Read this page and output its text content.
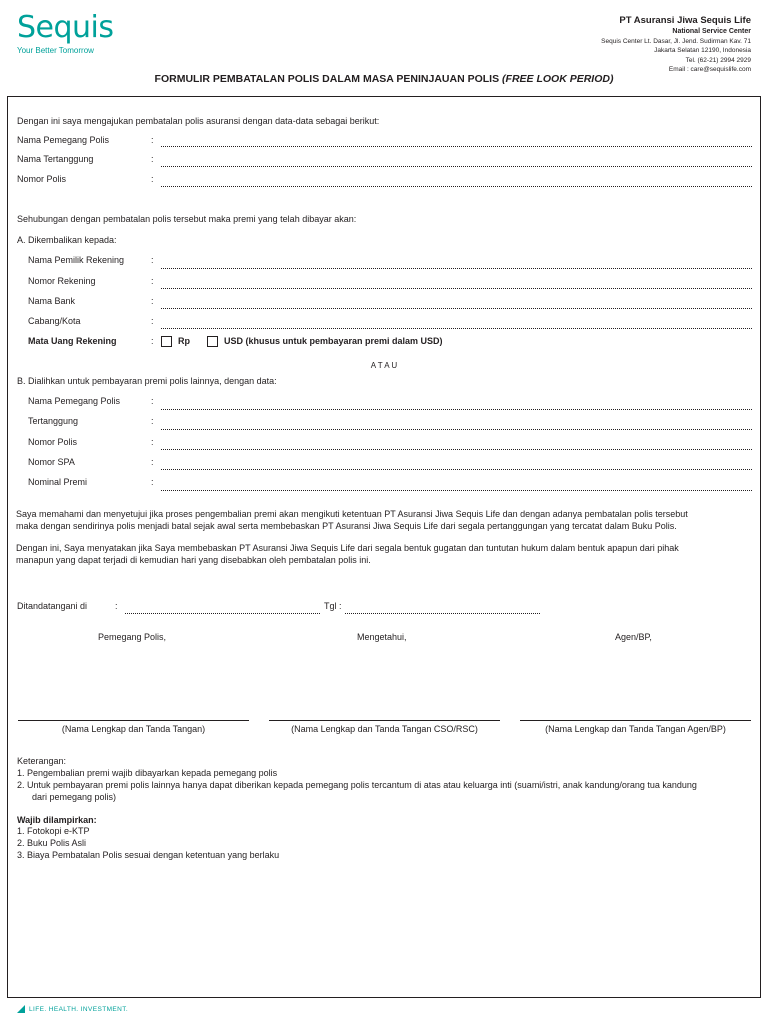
Sequis
Your Better Tomorrow
PT Asuransi Jiwa Sequis Life
National Service Center
Sequis Center Lt. Dasar, Jl. Jend. Sudirman Kav. 71
Jakarta Selatan 12190, Indonesia
Tel. (62-21) 2994 2929
Email : care@sequislife.com
FORMULIR PEMBATALAN POLIS DALAM MASA PENINJAUAN POLIS (FREE LOOK PERIOD)
Dengan ini saya mengajukan pembatalan polis asuransi dengan data-data sebagai berikut:
Nama Pemegang Polis	:
Nama Tertanggung	:
Nomor Polis	:
Sehubungan dengan pembatalan polis tersebut maka premi yang telah dibayar akan:
A. Dikembalikan kepada:
Nama Pemilik Rekening	:
Nomor Rekening	:
Nama Bank	:
Cabang/Kota	:
Mata Uang Rekening	:	Rp	USD (khusus untuk pembayaran premi dalam USD)
A T A U
B. Dialihkan untuk pembayaran premi polis lainnya, dengan data:
Nama Pemegang Polis	:
Tertanggung	:
Nomor Polis	:
Nomor SPA	:
Nominal Premi	:
Saya memahami dan menyetujui jika proses pengembalian premi akan mengikuti ketentuan PT Asuransi Jiwa Sequis Life dan dengan adanya pembatalan polis tersebut
maka dengan sendirinya polis menjadi batal sejak awal serta membebaskan PT Asuransi Jiwa Sequis Life dari segala pertanggungan yang tercatat dalam Buku Polis.
Dengan ini, Saya menyatakan jika Saya membebaskan PT Asuransi Jiwa Sequis Life dari segala bentuk gugatan dan tuntutan hukum dalam bentuk apapun dari pihak
manapun yang dapat terjadi di kemudian hari yang disebabkan oleh pembatalan polis ini.
Ditandatangani di	:	Tgl :
Pemegang Polis,	Mengetahui,	Agen/BP,
(Nama Lengkap dan Tanda Tangan)	(Nama Lengkap dan Tanda Tangan CSO/RSC)	(Nama Lengkap dan Tanda Tangan Agen/BP)
Keterangan:
1. Pengembalian premi wajib dibayarkan kepada pemegang polis
2. Untuk pembayaran premi polis lainnya hanya dapat diberikan kepada pemegang polis tercantum di atas atau keluarga inti (suami/istri, anak kandung/orang tua kandung
dari pemegang polis)
Wajib dilampirkan:
1. Fotokopi e-KTP
2. Buku Polis Asli
3. Biaya Pembatalan Polis sesuai dengan ketentuan yang berlaku
LIFE. HEALTH. INVESTMENT.
